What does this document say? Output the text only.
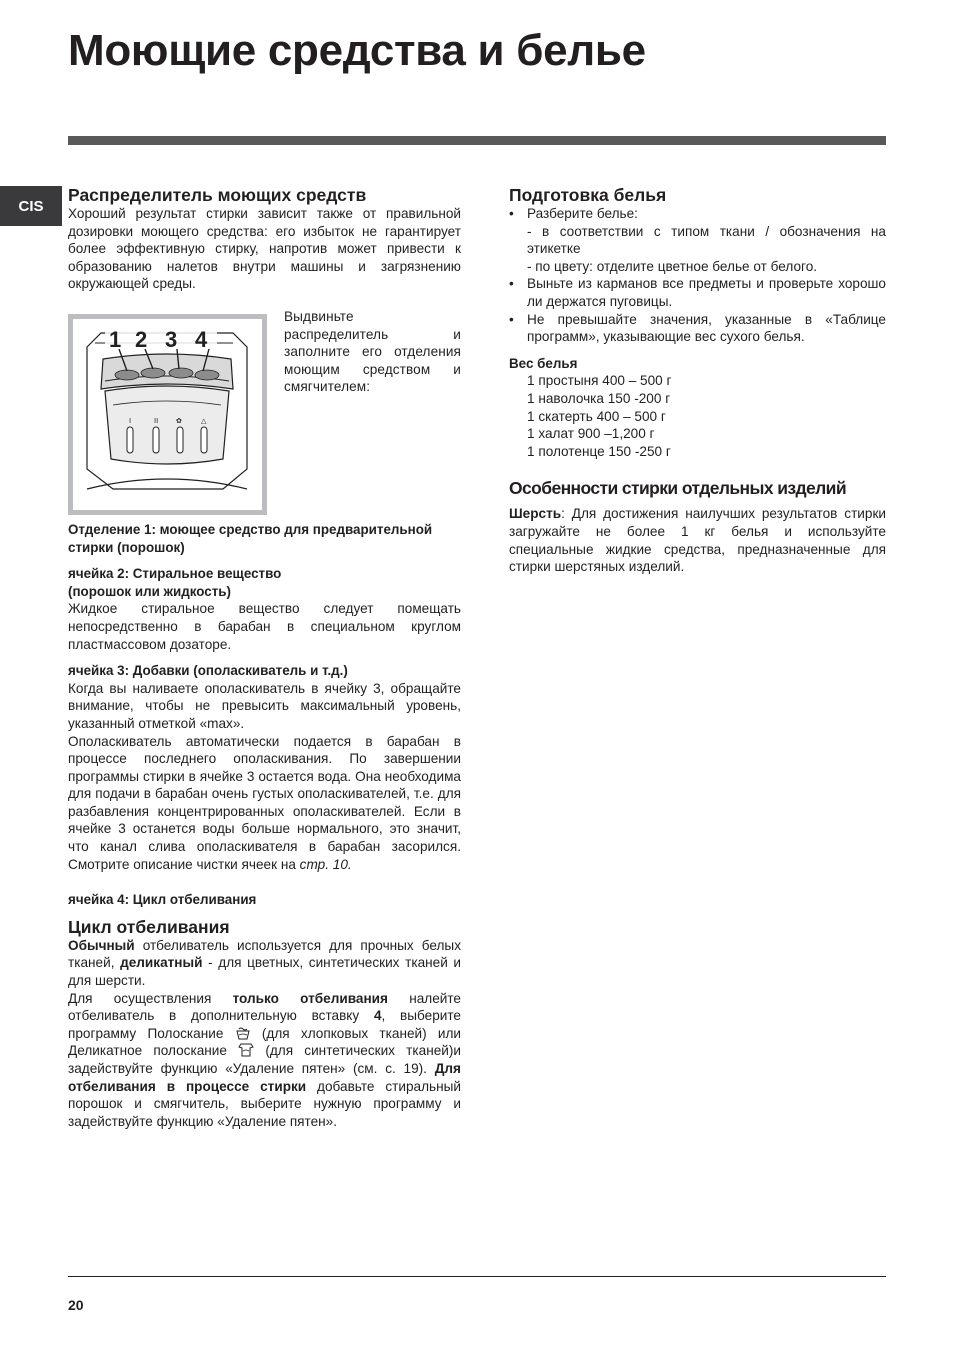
Моющие средства и белье
CIS
Распределитель моющих средств

Хороший результат стирки зависит также от правильной дозировки моющего средства: его избыток не гарантирует более эффективную стирку, напротив может привести к образованию налетов внутри машины и загрязнению окружающей среды.

I	II	✿	△
1 2 3 4

Выдвиньте распределитель и заполните его отделения моющим средством и смягчителем:

Отделение 1: моющее средство для предварительной стирки (порошок)
ячейка 2: Стиральное вещество
(порошок или жидкость)

Жидкое стиральное вещество следует помещать непосредственно в барабан в специальном круглом пластмассовом дозаторе.

ячейка 3: Добавки (ополаскиватель и т.д.)

Когда вы наливаете ополаскиватель в ячейку 3, обращайте внимание, чтобы не превысить максимальный уровень, указанный отметкой «max».

Ополаскиватель автоматически подается в барабан в процессе последнего ополаскивания. По завершении программы стирки в ячейке 3 остается вода. Она необходима для подачи в барабан очень густых ополаскивателей, т.е. для разбавления концентрированных ополаскивателей. Если в ячейке 3 останется воды больше нормального, это значит, что канал слива ополаскивателя в барабан засорился. Смотрите описание чистки ячеек на стр. 10.

ячейка 4: Цикл отбеливания
Цикл отбеливания

Обычный отбеливатель используется для прочных белых тканей, деликатный - для цветных, синтетических тканей и для шерсти.

Для осуществления только отбеливания налейте отбеливатель в дополнительную вставку 4, выберите программу Полоскание  (для хлопковых тканей) или Деликатное полоскание  (для синтетических тканей)и задействуйте функцию «Удаление пятен» (см. с. 19). Для отбеливания в процессе стирки добавьте стиральный порошок и смягчитель, выберите нужную программу и задействуйте функцию «Удаление пятен».

Подготовка белья
• Разберите белье:
- в соответствии с типом ткани / обозначения на этикетке
- по цвету: отделите цветное белье от белого.
• Выньте из карманов все предметы и проверьте хорошо ли держатся пуговицы.
• Не превышайте значения, указанные в «Таблице программ», указывающие вес сухого белья.
Вес белья
1 простыня 400 – 500 г
1 наволочка 150 -200 г
1 скатерть 400 – 500 г
1 халат 900 –1,200 г
1 полотенце 150 -250 г
Особенности стирки отдельных изделий

Шерсть: Для достижения наилучших результатов стирки загружайте не более 1 кг белья и используйте специальные жидкие средства, предназначенные для стирки шерстяных изделий.

20
